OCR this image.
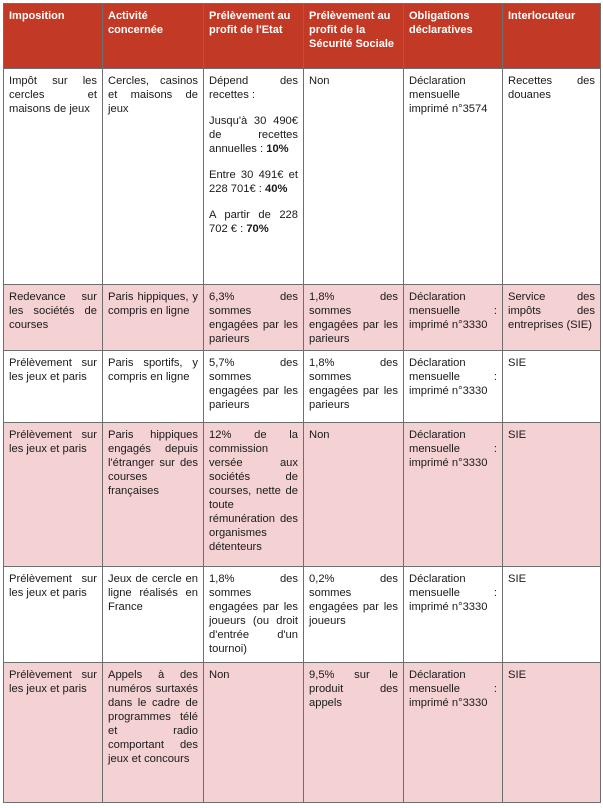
Imposition	Activité concernée	Prélèvement au profit de l'Etat	Prélèvement au profit de la Sécurité Sociale	Obligations déclaratives	Interlocuteur
Impôt sur les cercles et maisons de jeux	Cercles, casinos et maisons de jeux	Dépend des recettes :

Jusqu'à 30 490€ de recettes annuelles : 10%

Entre 30 491€ et 228 701€ : 40%

A partir de 228 702 € : 70%	Non	Déclaration mensuelle imprimé n°3574	Recettes des douanes
Redevance sur les sociétés de courses	Paris hippiques, y compris en ligne	6,3% des sommes engagées par les parieurs	1,8% des sommes engagées par les parieurs	Déclaration mensuelle : imprimé n°3330	Service des impôts des entreprises (SIE)
Prélèvement sur les jeux et paris	Paris sportifs, y compris en ligne	5,7% des sommes engagées par les parieurs	1,8% des sommes engagées par les parieurs	Déclaration mensuelle : imprimé n°3330	SIE
Prélèvement sur les jeux et paris	Paris hippiques engagés depuis l'étranger sur des courses françaises	12% de la commission versée aux sociétés de courses, nette de toute rémunération des organismes détenteurs	Non	Déclaration mensuelle : imprimé n°3330	SIE
Prélèvement sur les jeux et paris	Jeux de cercle en ligne réalisés en France	1,8% des sommes engagées par les joueurs (ou droit d'entrée d'un tournoi)	0,2% des sommes engagées par les joueurs	Déclaration mensuelle : imprimé n°3330	SIE
Prélèvement sur les jeux et paris	Appels à des numéros surtaxés dans le cadre de programmes télé et radio comportant des jeux et concours	Non	9,5% sur le produit des appels	Déclaration mensuelle : imprimé n°3330	SIE
